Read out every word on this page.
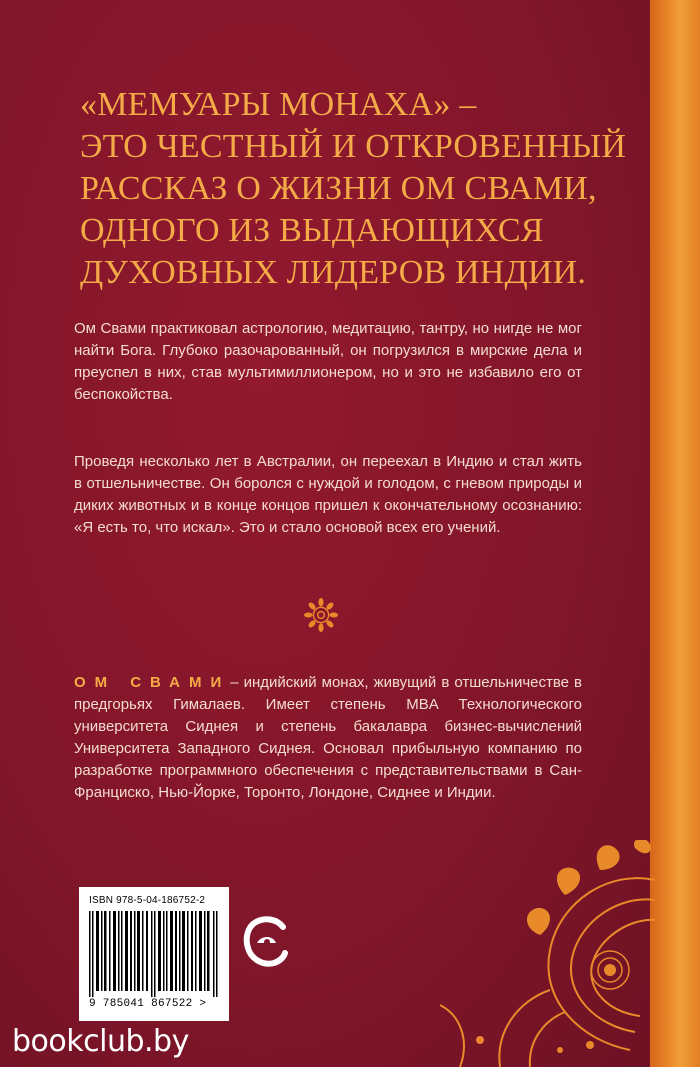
«МЕМУАРЫ МОНАХА» –
ЭТО ЧЕСТНЫЙ И ОТКРОВЕННЫЙ
РАССКАЗ О ЖИЗНИ ОМ СВАМИ,
ОДНОГО ИЗ ВЫДАЮЩИХСЯ
ДУХОВНЫХ ЛИДЕРОВ ИНДИИ.
Ом Свами практиковал астрологию, медитацию, тантру, но нигде не мог найти Бога. Глубоко разочарованный, он погрузился в мирские дела и преуспел в них, став мультимиллионером, но и это не избавило его от беспокойства.
Проведя несколько лет в Австралии, он переехал в Индию и стал жить в отшельничестве. Он боролся с нуждой и голодом, с гневом природы и диких животных и в конце концов пришел к окончательному осознанию: «Я есть то, что искал». Это и стало основой всех его учений.
ОМ СВАМИ– индийский монах, живущий в отшельничестве в предгорьях Гималаев. Имеет степень MBA Технологического университета Сиднея и степень бакалавра бизнес-вычислений Университета Западного Сиднея. Основал прибыльную компанию по разработке программного обеспечения с представительствами в Сан-Франциско, Нью-Йорке, Торонто, Лондоне, Сиднее и Индии.
ISBN 978-5-04-186752-2
9 785041 867522 >
bookclub.by
